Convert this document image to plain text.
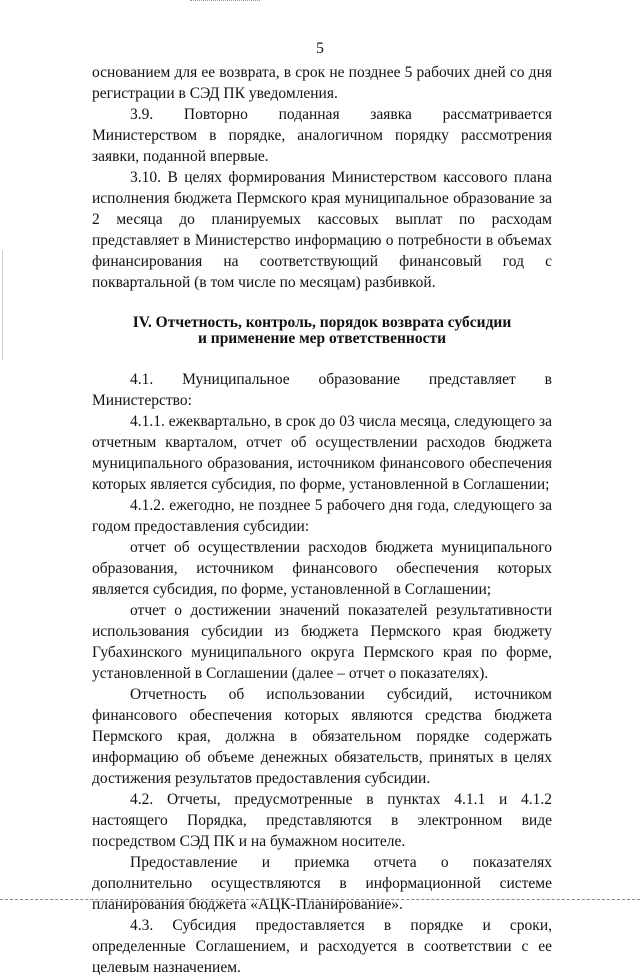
5

основанием для ее возврата, в срок не позднее 5 рабочих дней со дня регистрации в СЭД ПК уведомления.

3.9. Повторно поданная заявка рассматривается Министерством в порядке, аналогичном порядку рассмотрения заявки, поданной впервые.

3.10. В целях формирования Министерством кассового плана исполнения бюджета Пермского края муниципальное образование за 2 месяца до планируемых кассовых выплат по расходам представляет в Министерство информацию о потребности в объемах финансирования на соответствующий финансовый год с поквартальной (в том числе по месяцам) разбивкой.

IV. Отчетность, контроль, порядок возврата субсидии
и применение мер ответственности

4.1. Муниципальное образование представляет в Министерство:

4.1.1. ежеквартально, в срок до 03 числа месяца, следующего за отчетным кварталом, отчет об осуществлении расходов бюджета муниципального образования, источником финансового обеспечения которых является субсидия, по форме, установленной в Соглашении;

4.1.2. ежегодно, не позднее 5 рабочего дня года, следующего за годом предоставления субсидии:

отчет об осуществлении расходов бюджета муниципального образования, источником финансового обеспечения которых является субсидия, по форме, установленной в Соглашении;

отчет о достижении значений показателей результативности использования субсидии из бюджета Пермского края бюджету Губахинского муниципального округа Пермского края по форме, установленной в Соглашении (далее – отчет о показателях).

Отчетность об использовании субсидий, источником финансового обеспечения которых являются средства бюджета Пермского края, должна в обязательном порядке содержать информацию об объеме денежных обязательств, принятых в целях достижения результатов предоставления субсидии.

4.2. Отчеты, предусмотренные в пунктах 4.1.1 и 4.1.2 настоящего Порядка, представляются в электронном виде посредством СЭД ПК и на бумажном носителе.

Предоставление и приемка отчета о показателях дополнительно осуществляются в информационной системе планирования бюджета «АЦК-Планирование».

4.3. Субсидия предоставляется в порядке и сроки, определенные Соглашением, и расходуется в соответствии с ее целевым назначением.
